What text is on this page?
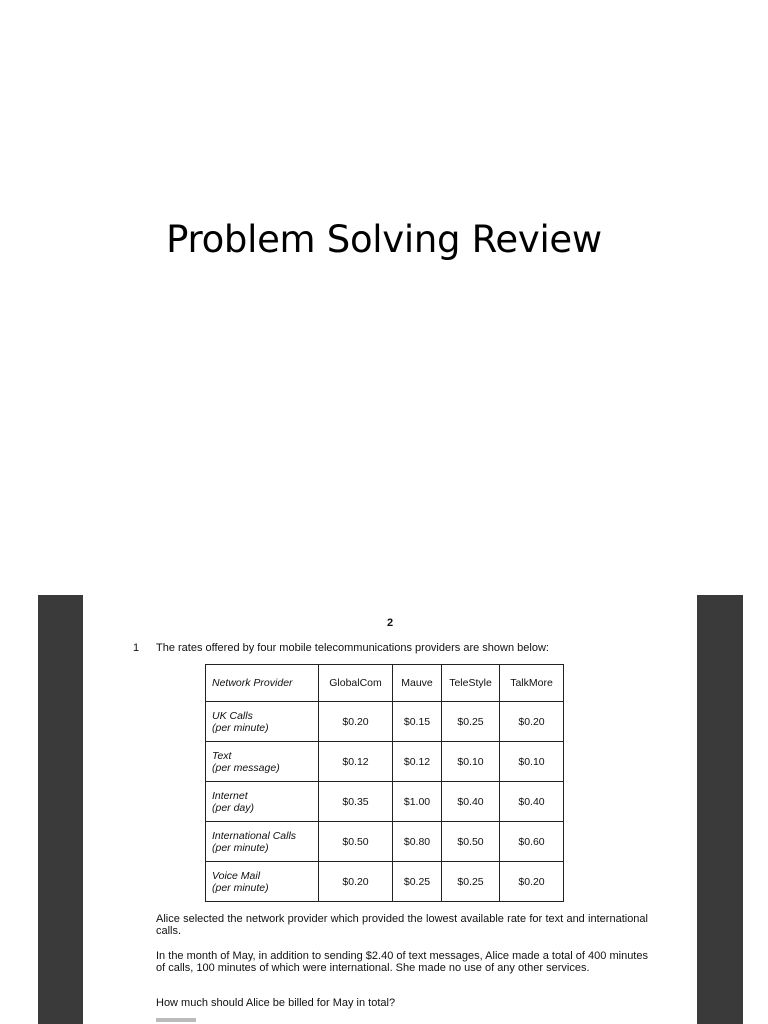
Problem Solving Review
2
1 The rates offered by four mobile telecommunications providers are shown below:
Network Provider	GlobalCom	Mauve	TeleStyle	TalkMore
UK Calls
(per minute)	$0.20	$0.15	$0.25	$0.20
Text
(per message)	$0.12	$0.12	$0.10	$0.10
Internet
(per day)	$0.35	$1.00	$0.40	$0.40
International Calls
(per minute)	$0.50	$0.80	$0.50	$0.60
Voice Mail
(per minute)	$0.20	$0.25	$0.25	$0.20
Alice selected the network provider which provided the lowest available rate for text and international calls.
In the month of May, in addition to sending $2.40 of text messages, Alice made a total of 400 minutes of calls, 100 minutes of which were international. She made no use of any other services.
How much should Alice be billed for May in total?
